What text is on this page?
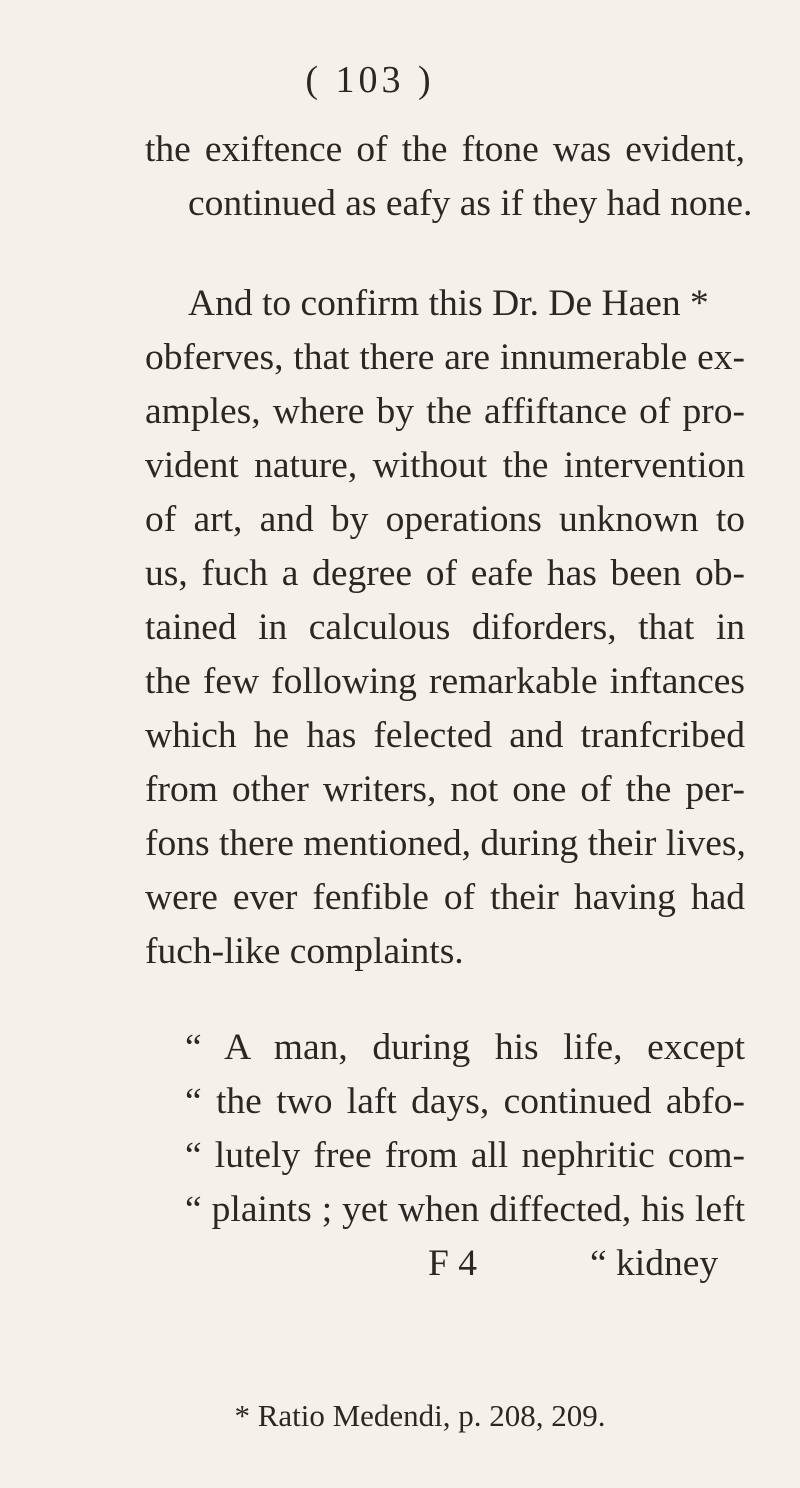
( 103 )
the exiftence of the ftone was evident,
continued as eafy as if they had none.
And to confirm this Dr. De Haen *
obferves, that there are innumerable ex-
amples, where by the affiftance of pro-
vident nature, without the intervention
of art, and by operations unknown to
us, fuch a degree of eafe has been ob-
tained in calculous diforders, that in
the few following remarkable inftances
which he has felected and tranfcribed
from other writers, not one of the per-
fons there mentioned, during their lives,
were ever fenfible of their having had
fuch-like complaints.
“ A man, during his life, except
“ the two laft days, continued abfo-
“ lutely free from all nephritic com-
“ plaints ; yet when diffected, his left
F 4	“ kidney
* Ratio Medendi, p. 208, 209.
